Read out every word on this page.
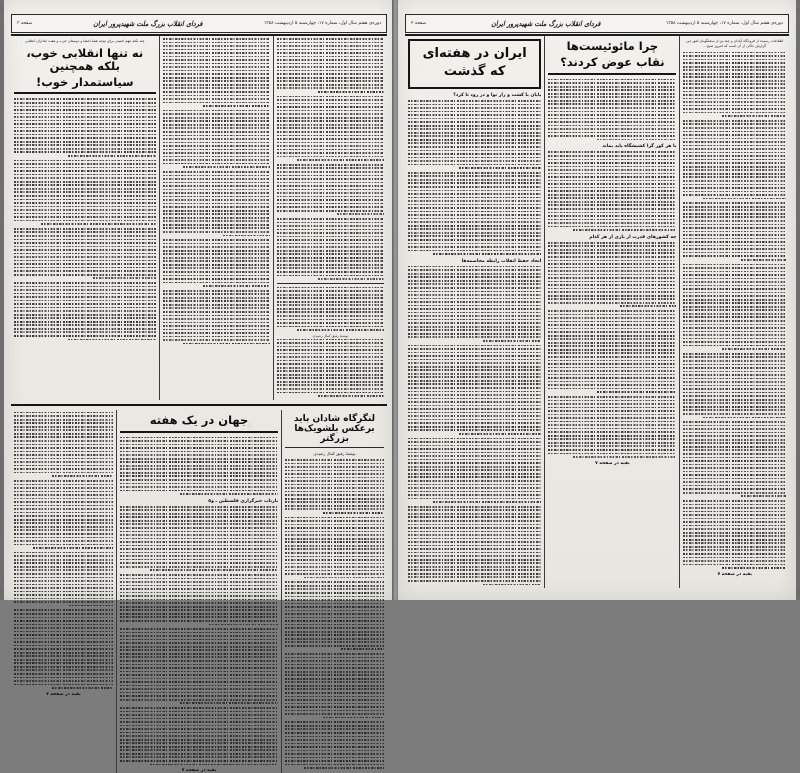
دوره‌ی هفتم سال اول، شماره ۱۷، چهارشنبه ۵ اردیبهشت ۱۳۵۸
فردای انقلاب بزرگ ملت شهیدپرور ایران
صفحه ۳
نوشتهٔ رفیق کمال رشیدی
چند نکتهٔ مهم امنیتی برای توجه همهٔ اعضا و دوستان حزب و هفت ماداران انقلابی
نه تنها انقلابی خوب، بلکه همچنین
سیاستمدار خوب!
لنگرگاه شادان باید برعکس بلشویک‌ها بزرگتر
نوشتهٔ رفیق کمال رشیدی
جهان در یک هفته
بازتاب خبرگزاری فلسطین ـ و۵
بقیه در صفحه ۷
بقیه در صفحه ۷
دوره‌ی هفتم سال اول، شماره ۱۷، چهارشنبه ۵ اردیبهشت ۱۳۵۸
فردای انقلاب بزرگ ملت شهیدپرور ایران
صفحه ۲
اطلاعات رسیده از فرودگاه آبادان و چند تن از سخنگویان امور این گزارش حاکی از آن است که امروز صبح...
بقیه در صفحه ۷
چرا مائوئیست‌ها
نقاب عوض کردند؟
با هر کور گرا کشیشگاه باید بماند
چه کشورهای قدرت از بازی از هر کدام
بقیه در صفحه ۷
ایران در هفته‌ای
که گذشت
پایان با کشت و زار نوا و در زود تا کرد؟
اتحاد حفظ انقلاب رابطه مخاصمه‌ها
